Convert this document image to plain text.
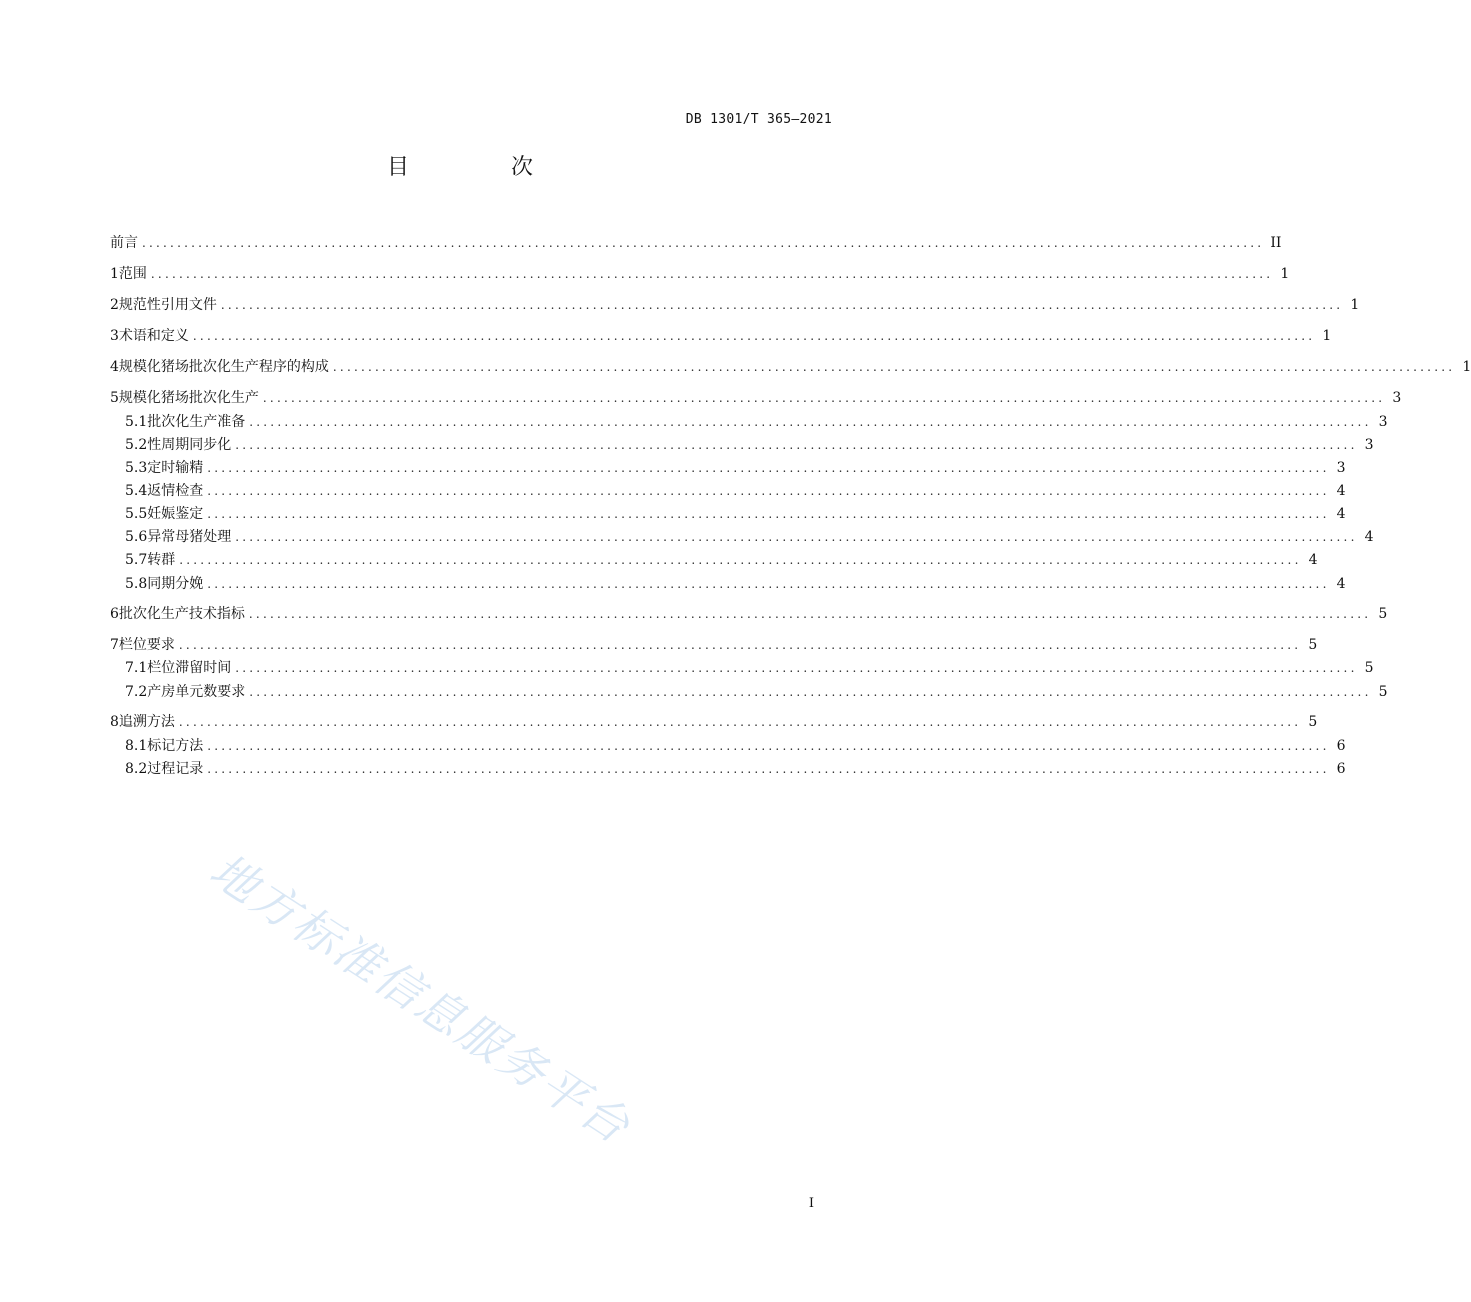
DB 1301/T 365—2021
目　次
前言 ................................................................................................................................................................ II
1 范围 ................................................................................................................................................................ 1
2 规范性引用文件 ................................................................................................................................................................ 1
3 术语和定义 ................................................................................................................................................................ 1
4 规模化猪场批次化生产程序的构成 ................................................................................................................................................................ 1
5 规模化猪场批次化生产 ................................................................................................................................................................ 3
5.1 批次化生产准备 ................................................................................................................................................................ 3
5.2 性周期同步化 ................................................................................................................................................................ 3
5.3 定时输精 ................................................................................................................................................................ 3
5.4 返情检查 ................................................................................................................................................................ 4
5.5 妊娠鉴定 ................................................................................................................................................................ 4
5.6 异常母猪处理 ................................................................................................................................................................ 4
5.7 转群 ................................................................................................................................................................ 4
5.8 同期分娩 ................................................................................................................................................................ 4
6 批次化生产技术指标 ................................................................................................................................................................ 5
7 栏位要求 ................................................................................................................................................................ 5
7.1 栏位滞留时间 ................................................................................................................................................................ 5
7.2 产房单元数要求 ................................................................................................................................................................ 5
8 追溯方法 ................................................................................................................................................................ 5
8.1 标记方法 ................................................................................................................................................................ 6
8.2 过程记录 ................................................................................................................................................................ 6
地方标准信息服务平台
I
